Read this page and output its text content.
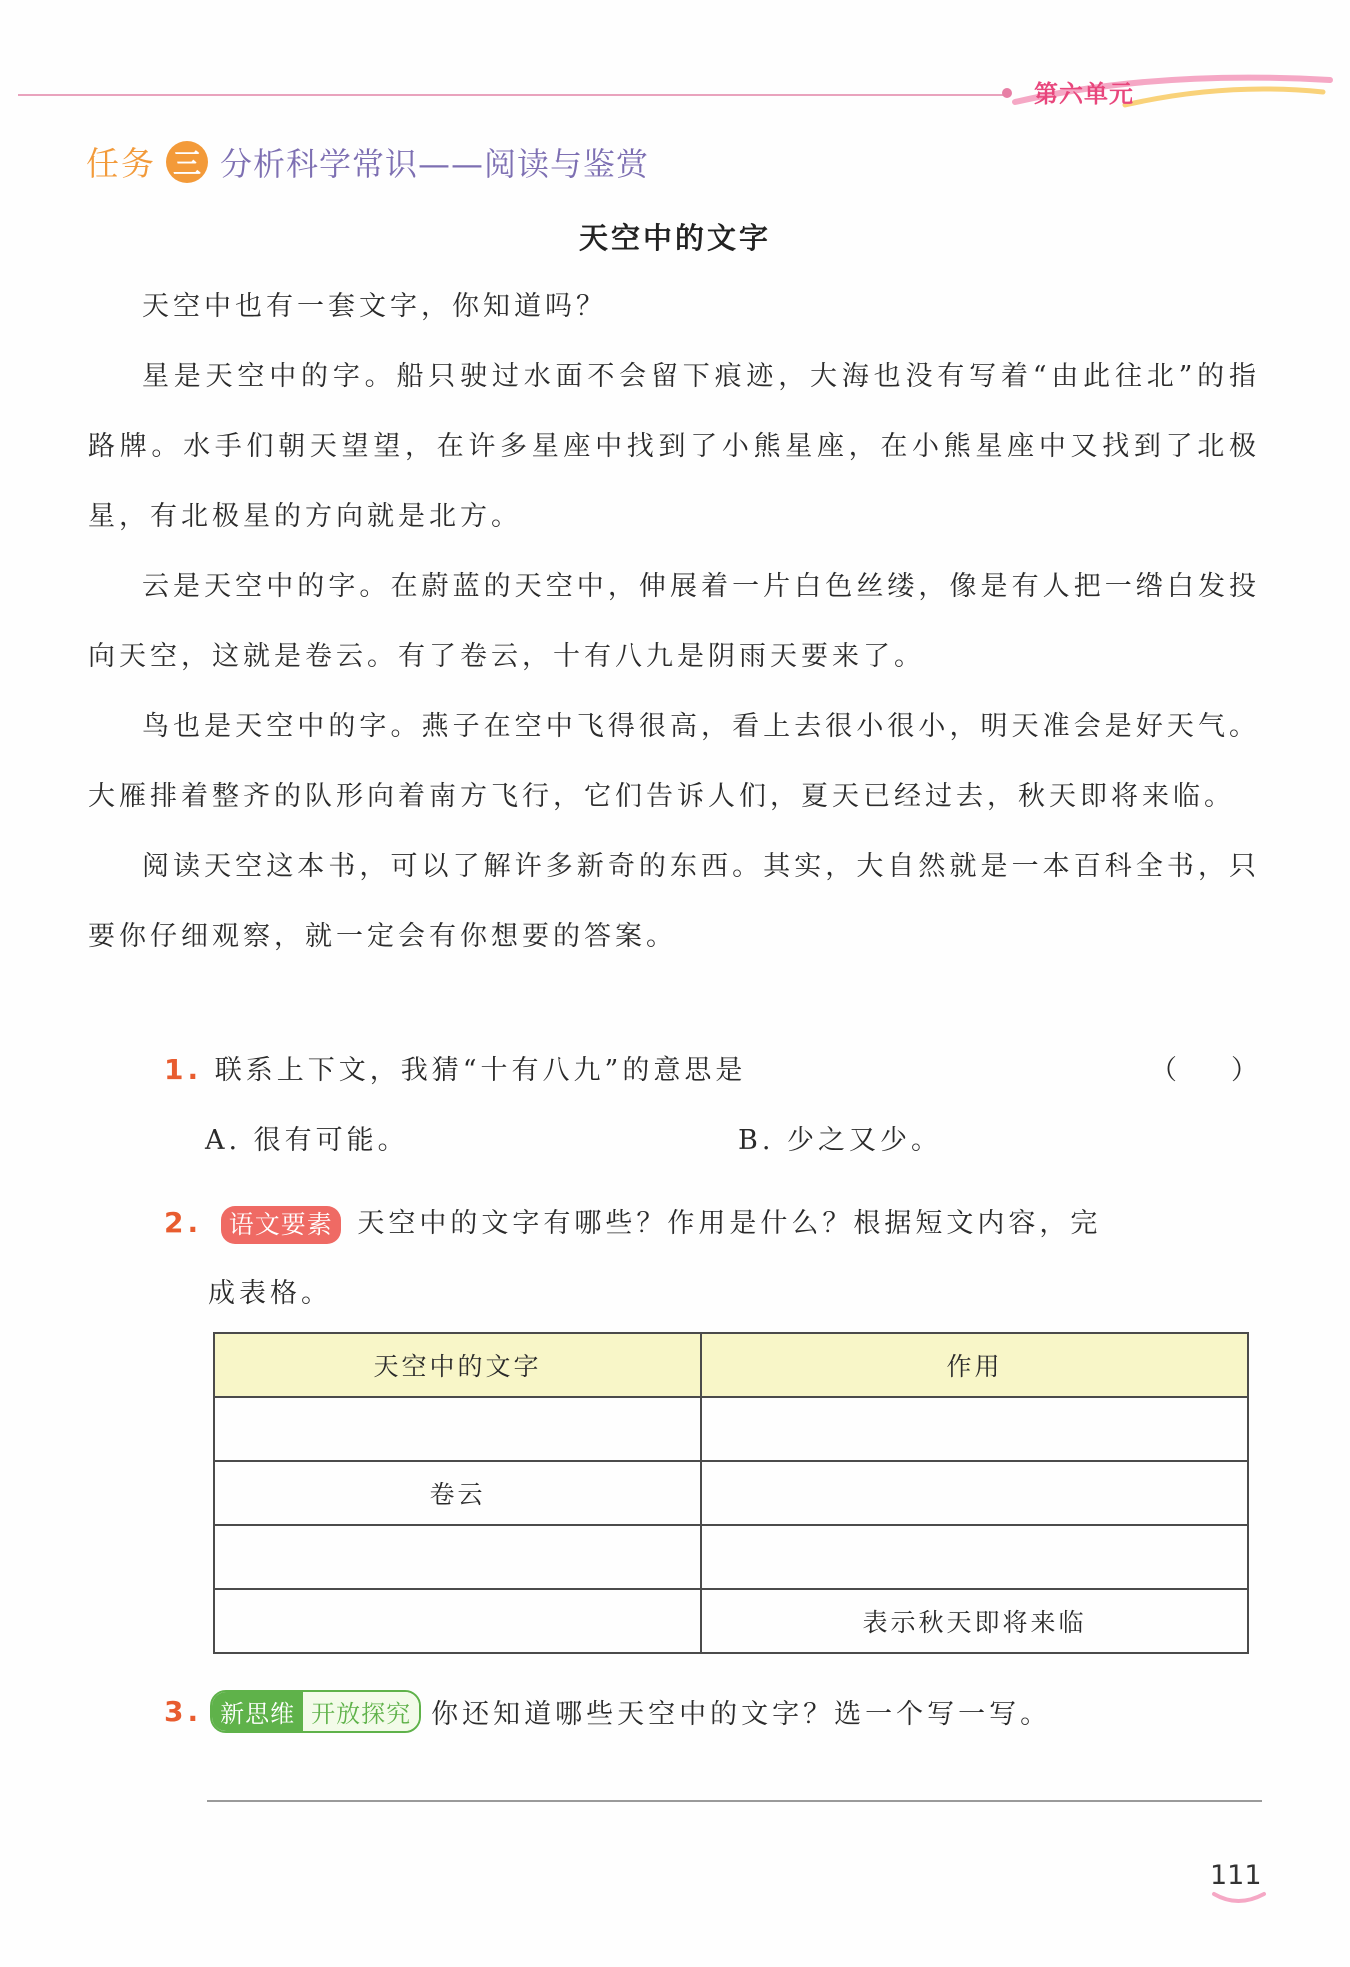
第六单元
任务 三 分析科学常识——阅读与鉴赏
天空中的文字

天空中也有一套文字，你知道吗？

星是天空中的字。船只驶过水面不会留下痕迹，大海也没有写着“由此往北”的指路牌。水手们朝天望望，在许多星座中找到了小熊星座，在小熊星座中又找到了北极星，有北极星的方向就是北方。

云是天空中的字。在蔚蓝的天空中，伸展着一片白色丝缕，像是有人把一绺白发投向天空，这就是卷云。有了卷云，十有八九是阴雨天要来了。

鸟也是天空中的字。燕子在空中飞得很高，看上去很小很小，明天准会是好天气。大雁排着整齐的队形向着南方飞行，它们告诉人们，夏天已经过去，秋天即将来临。

阅读天空这本书，可以了解许多新奇的东西。其实，大自然就是一本百科全书，只要你仔细观察，就一定会有你想要的答案。

1. 联系上下文，我猜“十有八九”的意思是	（　　）
A. 很有可能。	B. 少之又少。
2. 语文要素 天空中的文字有哪些？作用是什么？根据短文内容，完
成表格。
天空中的文字	作用

卷云	

	表示秋天即将来临
3. 新思维 开放探究 你还知道哪些天空中的文字？选一个写一写。
111
